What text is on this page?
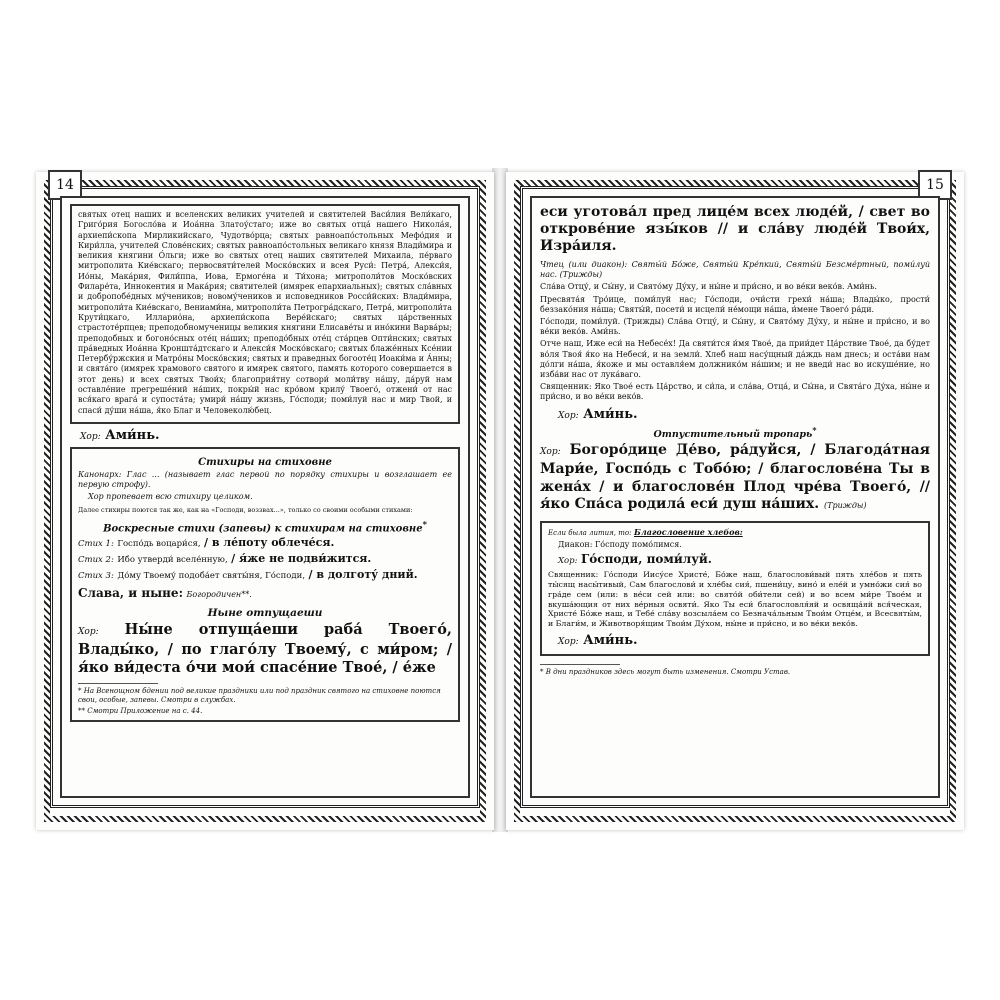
14

святых отец наших и вселенских великих учителей и святителей Васи́лия Вели́каго, Григо́рия Богосло́ва и Иоа́нна Златоу́стаго; иже во святых отца́ нашего Никола́я, архиепи́скопа Мирликийскаго, Чудотво́рца; святых равноапо́стольных Мефо́дия и Кири́лла, учителей Слове́нских; святых равноапо́стольных великаго князя Влади́мира и великия княгини О́льги; иже во святых отец наших святителей Михаила, пе́рваго митрополита Кие́вскаго; первосвяти́телей Моско́вских и всея Руси́: Петра́, Алекси́я, Ио́ны, Мака́рия, Фили́ппа, Иова, Ермоге́на и Ти́хона; митрополи́тов Моско́вских Филаре́та, Иннокентия и Мака́рия; святителей (имярек епархиальных); святых сла́вных и добропобе́дных му́чеников; новому́чеников и исповедников Росси́йских: Влади́мира, митрополи́та Кие́вскаго, Вениами́на, митрополи́та Петрогра́дскаго, Петра́, митрополи́та Крути́цкаго, Илларио́на, архиепи́скопа Вере́йскаго; святых ца́рственных страстоте́рпцев; преподобномученицы великия княгини Елисаве́ты и ино́кини Варва́ры; преподобных и богоно́сных оте́ц на́ших; преподо́бных оте́ц ста́рцев Опти́нских; святых пра́ведных Иоа́нна Кроншта́дтскаго и Алекси́я Моско́вскаго; святых блаже́нных Ксе́нии Петербу́ржския и Матро́ны Моско́вския; святых и праведных богооте́ц Иоаки́ма и А́нны; и свята́го (имярек храмового святого и имярек святого, память которого совершается в этот день) и всех святых Твои́х; благоприя́тну сотвори́ моли́тву на́шу, да́руй нам оставле́ние прегреше́ний на́ших, покры́й нас кро́вом крилу́ Твоего́, отжени́ от нас вся́каго врага́ и супоста́та; умири́ на́шу жизнь, Го́споди; поми́луй нас и мир Твой, и спаси́ ду́ши на́ша, я́ко Благ и Человеколю́бец.

Хор: Ами́нь.
Стихиры на стиховне

Канонарх: Глас ... (называет глас первой по порядку стихиры и возглашает ее первую строфу).

Хор пропевает всю стихиру целиком.

Далее стихиры поются так же, как на «Господи, воззвах...», только со своими особыми стихами:

Воскресные стихи (запевы) к стихирам на стиховне*
Стих 1: Госпо́дь воцари́ся, / в ле́поту облече́ся.
Стих 2: Ибо утверди́ вселе́нную, / я́же не подви́жится.
Стих 3: До́му Твоему́ подоба́ет святы́ня, Го́споди, / в долготу́ дний.
Слава, и ныне: Богородичен**.
Ныне отпущаеши

Хор: Ны́не отпуща́еши раба́ Твоего́, Влады́ко, / по глаго́лу Твоему́, с ми́ром; / я́ко ви́деста о́чи мои́ спасе́ние Твое́, / е́же

* На Всенощном бдении под великие праздники или под праздник святого на стиховне поются свои, особые, запевы. Смотри в службах.

** Смотри Приложение на с. 44.

15

еси уготова́л пред лице́м всех люде́й, / свет во открове́ние язы́ков // и сла́ву люде́й Твои́х, Изра́иля.

Чтец (или диакон): Святы́й Бо́же, Святы́й Кре́пкий, Святы́й Безсме́ртный, поми́луй нас. (Трижды)

Сла́ва Отцу́, и Сы́ну, и Свято́му Ду́ху, и ны́не и при́сно, и во ве́ки веко́в. Ами́нь.

Пресвята́я Тро́ице, поми́луй нас; Го́споди, очи́сти грехи́ на́ша; Влады́ко, прости́ беззако́ния на́ша; Святы́й, посети́ и исцели́ не́мощи на́ша, и́мене Твоего́ ра́ди.

Го́споди, поми́луй. (Трижды) Сла́ва Отцу́, и Сы́ну, и Свято́му Ду́ху, и ны́не и при́сно, и во ве́ки веко́в. Ами́нь.

Отче наш, Иже еси́ на Небесе́х! Да святи́тся и́мя Твое́, да прии́дет Ца́рствие Твое́, да бу́дет во́ля Твоя́ я́ко на Небеси́, и на земли́. Хлеб наш насу́щный да́ждь нам днесь; и оста́ви нам до́лги на́ша, я́коже и мы оставля́ем должнико́м на́шим; и не введи́ нас во искуше́ние, но изба́ви нас от лука́ваго.

Священник: Яко Твое́ есть Ца́рство, и си́ла, и сла́ва, Отца́, и Сы́на, и Свята́го Ду́ха, ны́не и при́сно, и во ве́ки веко́в.

Хор: Ами́нь.
Отпустительный тропарь*

Хор: Богоро́дице Де́во, ра́дуйся, / Благода́тная Мари́е, Госпо́дь с Тобо́ю; / благослове́на Ты в жена́х / и благослове́н Плод чре́ва Твоего́, // я́ко Спа́са родила́ еси́ душ на́ших. (Трижды)

Если была лития, то: Благословение хлебов:

Диакон: Го́споду помо́лимся.

Хор: Го́споди, поми́луй.

Священник: Го́споди Иису́се Христе́, Бо́же наш, благослови́вый пять хле́бов и пять ты́сящ насы́тивый, Сам благослови́ и хле́бы сия́, пшени́цу, вино́ и еле́й и умно́жи сия́ во гра́де сем (или: в ве́си сей или: во свято́й оби́тели сей) и во всем ми́ре Твое́м и вкуша́ющия от них ве́рныя освяти́. Яко Ты еси́ благословля́яй и освяща́яй вся́ческая, Христе́ Бо́же наш, и Тебе́ сла́ву возсыла́ем со Безнача́льным Твои́м Отце́м, и Всесвяты́м, и Благи́м, и Животворя́щим Твои́м Ду́хом, ны́не и при́сно, и во ве́ки веко́в.

Хор: Ами́нь.

* В дни праздников здесь могут быть изменения. Смотри Устав.
